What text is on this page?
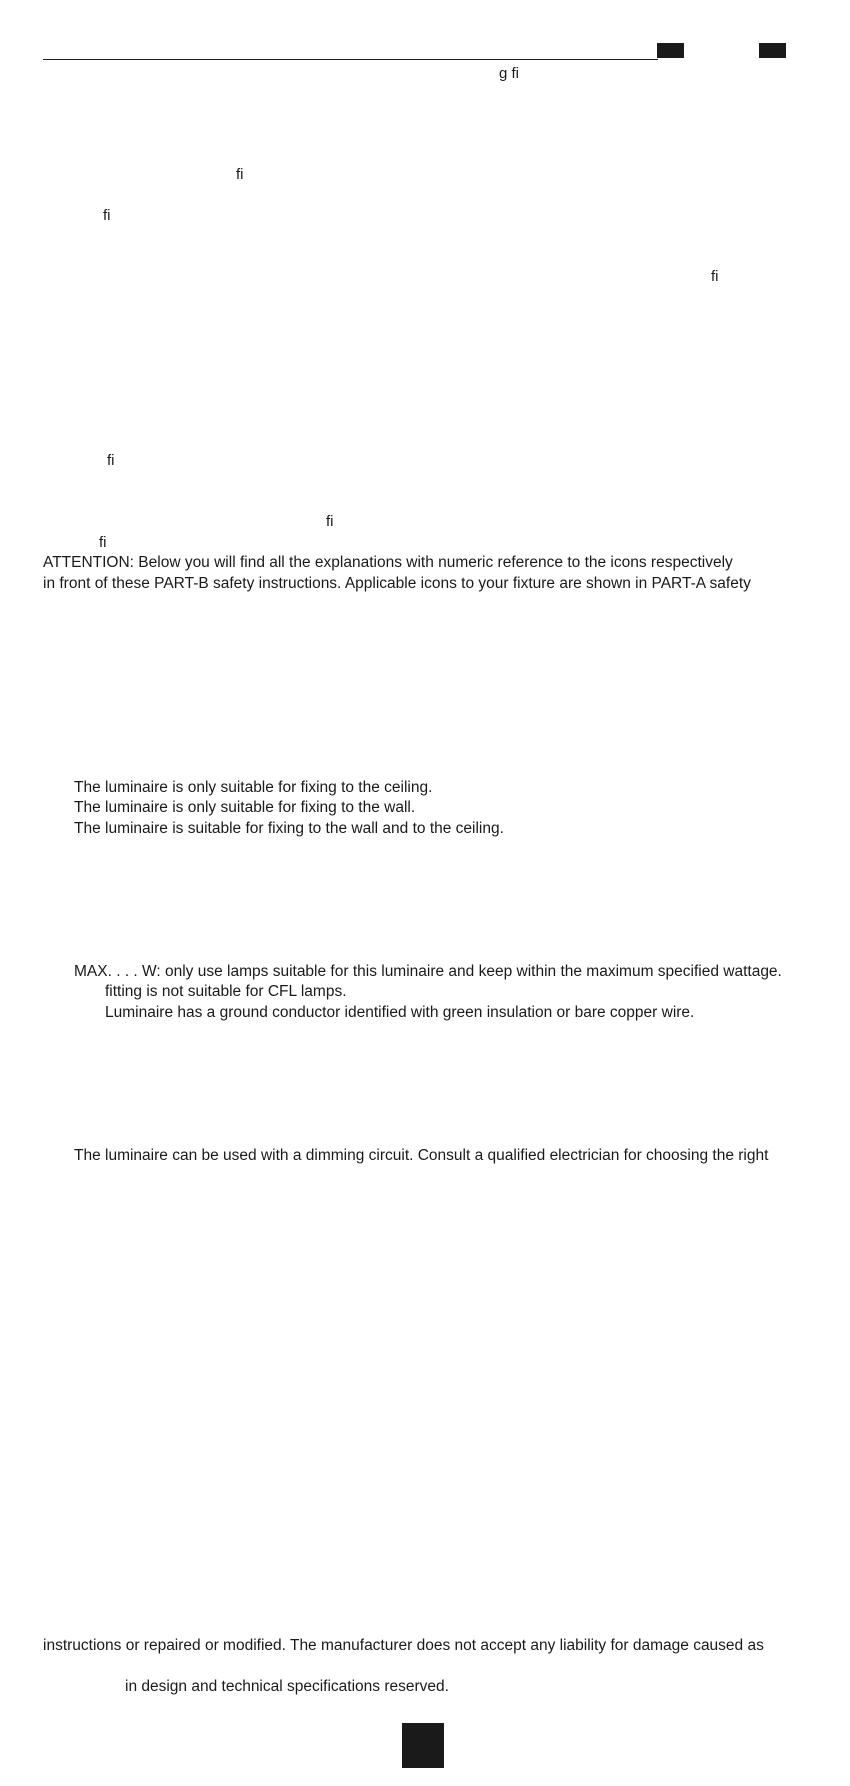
g fi
fi
fi
fi
fi
fi
fi
ATTENTION: Below you will find all the explanations with numeric reference to the icons respectively
in front of these PART-B safety instructions. Applicable icons to your fixture are shown in PART-A safety
The luminaire is only suitable for fixing to the ceiling.
The luminaire is only suitable for fixing to the wall.
The luminaire is suitable for fixing to the wall and to the ceiling.
MAX. . . . W: only use lamps suitable for this luminaire and keep within the maximum specified wattage.
fitting is not suitable for CFL lamps.
Luminaire has a ground conductor identified with green insulation or bare copper wire.
The luminaire can be used with a dimming circuit. Consult a qualified electrician for choosing the right
instructions or repaired or modified. The manufacturer does not accept any liability for damage caused as
in design and technical specifications reserved.
